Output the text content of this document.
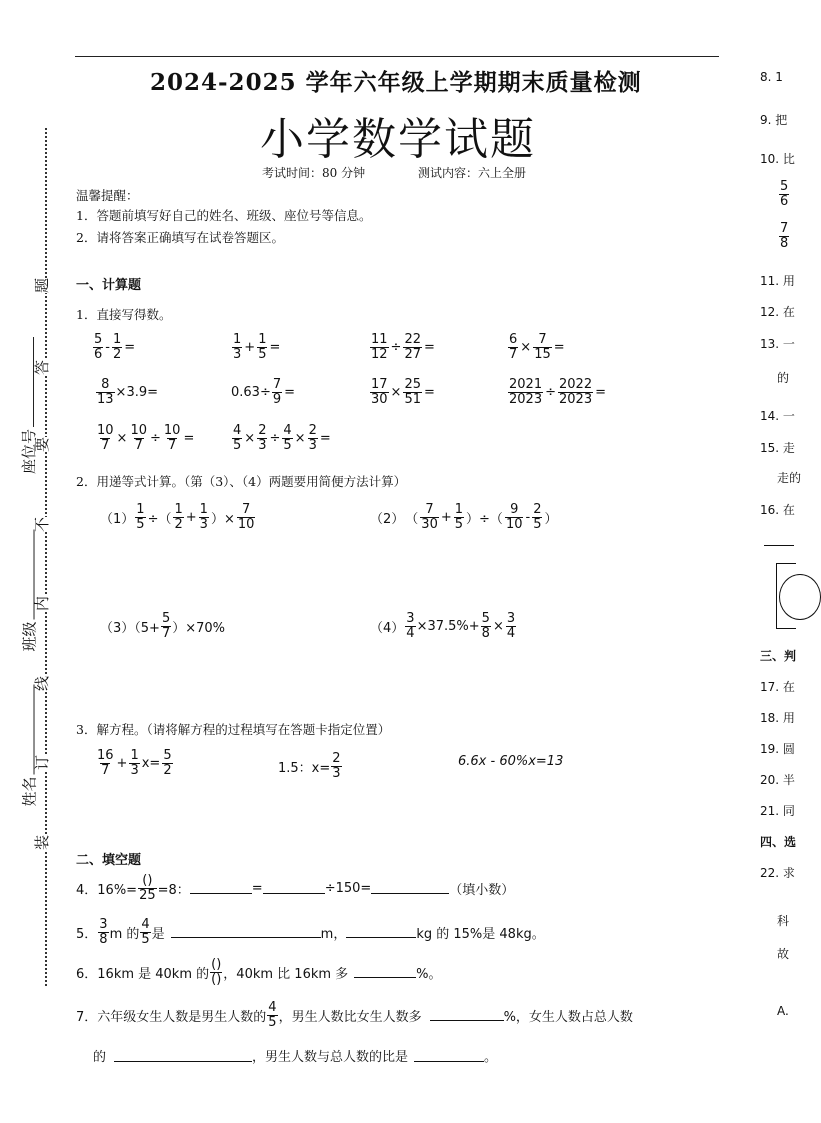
2024-2025 学年六年级上学期期末质量检测
小学数学试题
考试时间：80 分钟	测试内容：六上全册
温馨提醒：
1．答题前填写好自己的姓名、班级、座位号等信息。
2．请将答案正确填写在试卷答题区。
题
答
要
不
内
线
订
装
座位号
班级
姓名
一、计算题
1．直接写得数。
$\frac{5}{6} - \frac{1}{2}$ =	$\frac{1}{3} + \frac{1}{5}$ =	$\frac{11}{12} \div \frac{22}{27}$ =	$\frac{6}{7} \times \frac{7}{15}$ =
$\frac{8}{13} \times 3.9=$	$0.63\div \frac{7}{9}$ =	$\frac{17}{30} \times \frac{25}{51}$ =	$\frac{2021}{2023} \div \frac{2022}{2023}$ =
$\frac{10}{7} \times \frac{10}{7} \div \frac{10}{7}$ =	$\frac{4}{5} \times \frac{2}{3} \div \frac{4}{5} \times \frac{2}{3}$ =
2．用递等式计算。（第（3）、（4）两题要用简便方法计算）
$(1) \frac{1}{5}$ ÷（ $\frac{1}{2} + \frac{1}{3}$ ）× $\frac{7}{10}$	（2） （ $\frac{7}{30} + \frac{1}{5}$ ）÷（ $\frac{9}{10} - \frac{2}{5}$ ）
$(3)(5+ \frac{5}{7} )\times 70\%$	$(4) \frac{3}{4} \times 37.5\%+ \frac{5}{8} \times \frac{3}{4}$
3．解方程。（请将解方程的过程填写在答题卡指定位置）
$\frac{16}{7} + \frac{1}{3} x= \frac{5}{2}$	1.5：$x= \frac{2}{3}$	6.6x - 60%x=13
二、填空题
4．$16\%= \frac{()}{25} =8$：	=	÷150=	（填小数）
5． $\frac{3}{8}$ m 的 $\frac{4}{5}$ 是	m，	kg 的 15%是 48kg。
6．16km 是 40km 的 $\frac{()}{()}$ ，40km 比 16km 多	%。
7．六年级女生人数是男生人数的 $\frac{4}{5}$ ，男生人数比女生人数多	%，女生人数占总人数
的	，男生人数与总人数的比是	。
8. 1
9. 把
10. 比
$\frac{5}{6}$
$\frac{7}{8}$
11. 用
12. 在
13. 一
的
14. 一
15. 走
走的
16. 在
三、判
17. 在
18. 用
19. 圆
20. 半
21. 同
四、选
22. 求
科
故
A.
